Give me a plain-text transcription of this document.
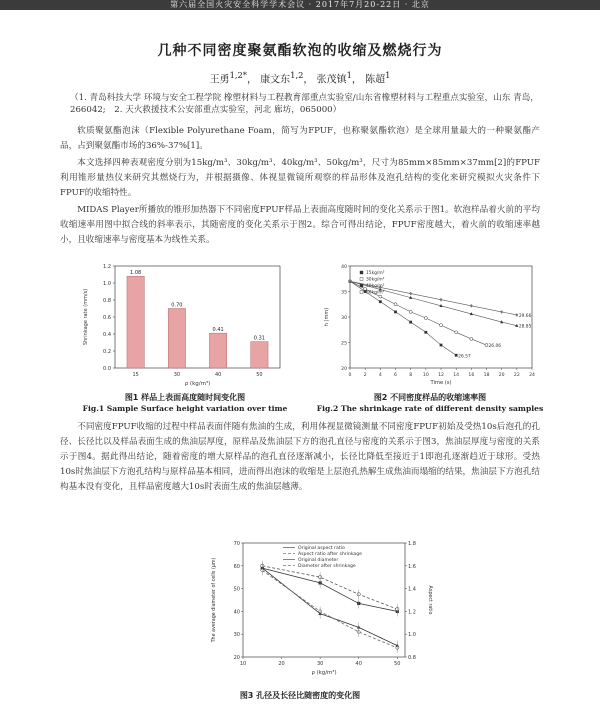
第六届全国火灾安全科学学术会议 · 2017年7月20-22日 · 北京
几种不同密度聚氨酯软泡的收缩及燃烧行为
王勇$^{1,2*}$， 康文东$^{1,2}$， 张茂镇$^1$， 陈超$^1$
（1. 青岛科技大学 环境与安全工程学院 橡塑材料与工程教育部重点实验室/山东省橡塑材料与工程重点实验室，山东 青岛，266042;　2. 天火救援技术公安部重点实验室，河北 廊坊，065000）
软质聚氨酯泡沫（Flexible Polyurethane Foam，简写为FPUF，也称聚氨酯软泡）是全球用量最大的一种聚氨酯产品，占到聚氨酯市场的36%-37%[1]。
本文选择四种表观密度分别为15kg/m³、30kg/m³、40kg/m³、50kg/m³，尺寸为85mm×85mm×37mm[2]的FPUF利用锥形量热仪来研究其燃烧行为，并根据摄像、体视显微镜所观察的样品形体及泡孔结构的变化来研究模拟火灾条件下FPUF的收缩特性。
MIDAS Player所播放的锥形加热器下不同密度FPUF样品上表面高度随时间的变化关系示于图1。软泡样品着火前的平均收缩速率用图中拟合线的斜率表示，其随密度的变化关系示于图2。综合可得出结论，FPUF密度越大，着火前的收缩速率越小，且收缩速率与密度基本为线性关系。
0.0
0.2
0.4
0.6
0.8
1.0
1.2
1.08
15
0.70
30
0.41
40
0.31
50
ρ (kg/m³)
Shrinkage rate (mm/s)
图1 样品上表面高度随时间变化图
Fig.1 Sample Surface height variation over time
0	2	4	6	8 10 12 14 16 18 20 22 24
20
25
30
35
40
26.57
26.06
28.85
29.66
15kg/m³
30kg/m³
40kg/m³
50kg/m³
Time (s)
h (mm)
图2 不同密度样品的收缩速率图
Fig.2 The shrinkage rate of different density samples
不同密度FPUF收缩的过程中样品表面伴随有焦油的生成，利用体视显微镜测量不同密度FPUF初始及受热10s后泡孔的孔径、长径比以及样品表面生成的焦油层厚度，原样品及焦油层下方的泡孔直径与密度的关系示于图3，焦油层厚度与密度的关系示于图4。据此得出结论，随着密度的增大原样品的泡孔直径逐渐减小，长径比降低至接近于1即泡孔逐渐趋近于球形。受热10s时焦油层下方泡孔结构与原样品基本相同，进而得出泡沫的收缩是上层泡孔热解生成焦油而塌缩的结果，焦油层下方泡孔结构基本没有变化，且样品密度越大10s时表面生成的焦油层越薄。
10	20	30	40	50
20
30
40
50
60
70
0.8
1.0
1.2
1.4
1.6
1.8
Original aspect ratio
Aspect ratio after shrinkage
Original diameter
Diameter after shrinkage
ρ (kg/m³)
The average diameter of cells (μm)	Aspect ratio
图3 孔径及长径比随密度的变化图
